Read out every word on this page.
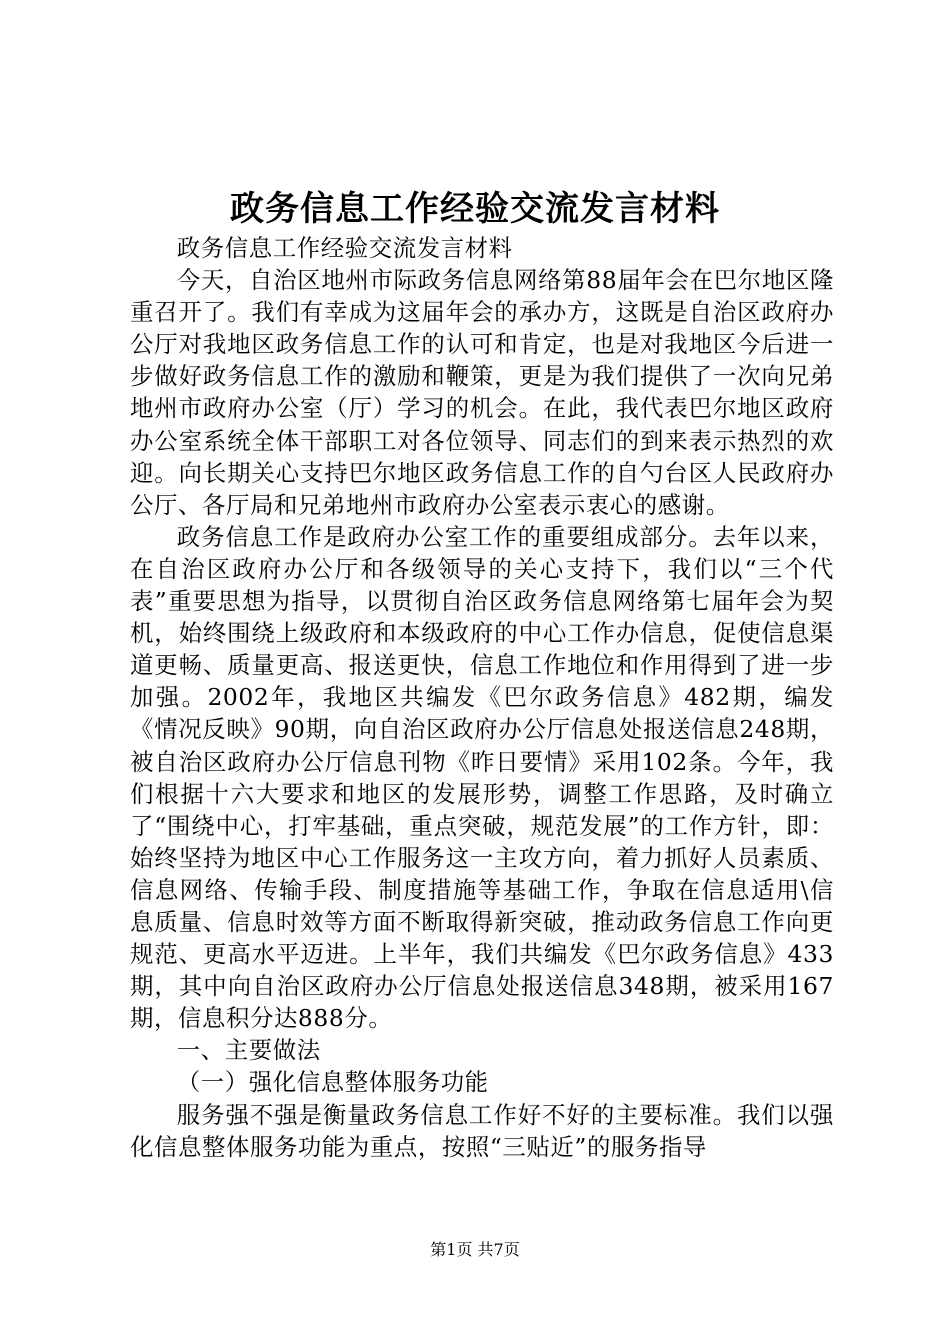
政务信息工作经验交流发言材料

政务信息工作经验交流发言材料

今天，自治区地州市际政务信息网络第88届年会在巴尔地区隆重召开了。我们有幸成为这届年会的承办方，这既是自治区政府办公厅对我地区政务信息工作的认可和肯定，也是对我地区今后进一步做好政务信息工作的激励和鞭策，更是为我们提供了一次向兄弟地州市政府办公室（厅）学习的机会。在此，我代表巴尔地区政府办公室系统全体干部职工对各位领导、同志们的到来表示热烈的欢迎。向长期关心支持巴尔地区政务信息工作的自勺台区人民政府办公厅、各厅局和兄弟地州市政府办公室表示衷心的感谢。

政务信息工作是政府办公室工作的重要组成部分。去年以来，在自治区政府办公厅和各级领导的关心支持下，我们以“三个代表”重要思想为指导，以贯彻自治区政务信息网络第七届年会为契机，始终围绕上级政府和本级政府的中心工作办信息，促使信息渠道更畅、质量更高、报送更快，信息工作地位和作用得到了进一步加强。2002年，我地区共编发《巴尔政务信息》482期，编发《情况反映》90期，向自治区政府办公厅信息处报送信息248期，被自治区政府办公厅信息刊物《昨日要情》采用102条。今年，我们根据十六大要求和地区的发展形势，调整工作思路，及时确立了“围绕中心，打牢基础，重点突破，规范发展”的工作方针，即：始终坚持为地区中心工作服务这一主攻方向，着力抓好人员素质、信息网络、传输手段、制度措施等基础工作，争取在信息适用\信息质量、信息时效等方面不断取得新突破，推动政务信息工作向更规范、更高水平迈进。上半年，我们共编发《巴尔政务信息》433期，其中向自治区政府办公厅信息处报送信息348期，被采用167期，信息积分达888分。

一、主要做法

（一）强化信息整体服务功能

服务强不强是衡量政务信息工作好不好的主要标准。我们以强化信息整体服务功能为重点，按照“三贴近”的服务指导

第1页 共7页
